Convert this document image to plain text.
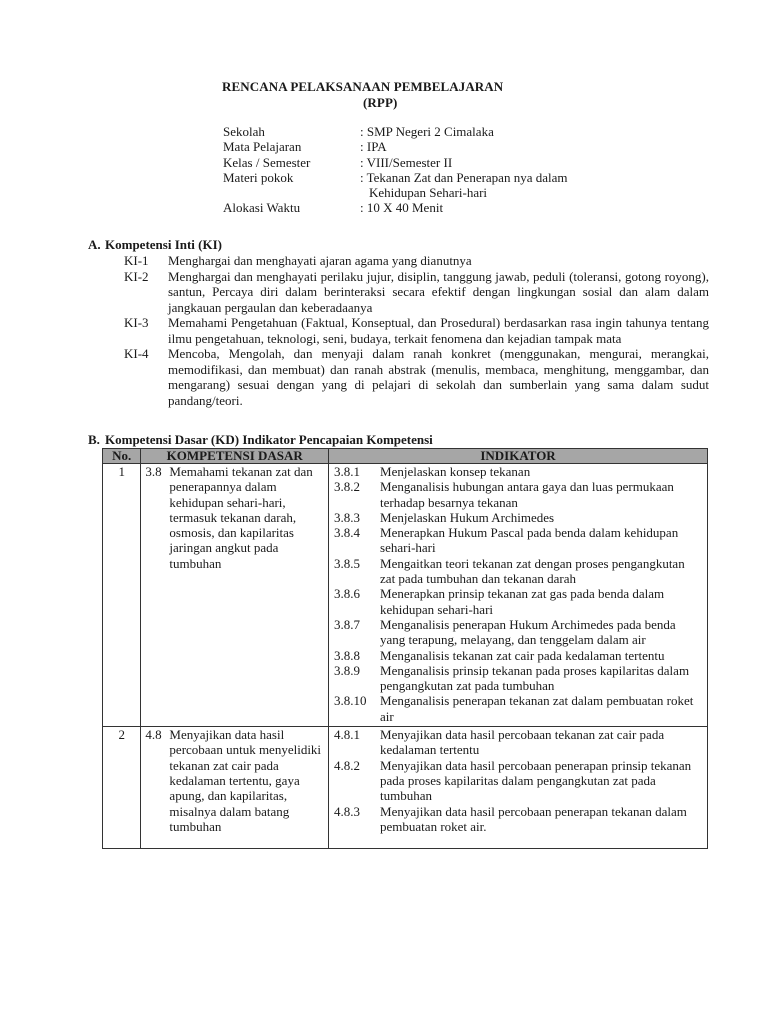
RENCANA PELAKSANAAN PEMBELAJARAN
(RPP)
Sekolah	: SMP Negeri 2 Cimalaka
Mata Pelajaran	: IPA
Kelas / Semester	: VIII/Semester II
Materi pokok	: Tekanan Zat dan Penerapan nya dalam
Kehidupan Sehari-hari
Alokasi Waktu	: 10 X 40 Menit
A. Kompetensi Inti (KI)
KI-1	Menghargai dan menghayati ajaran agama yang dianutnya
KI-2	Menghargai dan menghayati perilaku jujur, disiplin, tanggung jawab, peduli (toleransi, gotong royong), santun, Percaya diri dalam berinteraksi secara efektif dengan lingkungan sosial dan alam dalam jangkauan pergaulan dan keberadaanya
KI-3	Memahami Pengetahuan (Faktual, Konseptual, dan Prosedural) berdasarkan rasa ingin tahunya tentang ilmu pengetahuan, teknologi, seni, budaya, terkait fenomena dan kejadian tampak mata
KI-4	Mencoba, Mengolah, dan menyaji dalam ranah konkret (menggunakan, mengurai, merangkai, memodifikasi, dan membuat) dan ranah abstrak (menulis, membaca, menghitung, menggambar, dan mengarang) sesuai dengan yang di pelajari di sekolah dan sumberlain yang sama dalam sudut pandang/teori.
B. Kompetensi Dasar (KD) Indikator Pencapaian Kompetensi
No.	KOMPETENSI DASAR	INDIKATOR
1	3.8 Memahami tekanan zat dan penerapannya dalam kehidupan sehari-hari, termasuk tekanan darah, osmosis, dan kapilaritas jaringan angkut pada tumbuhan

3.8.1	Menjelaskan konsep tekanan
3.8.2	Menganalisis hubungan antara gaya dan luas permukaan terhadap besarnya tekanan
3.8.3	Menjelaskan Hukum Archimedes
3.8.4	Menerapkan Hukum Pascal pada benda dalam kehidupan sehari-hari
3.8.5	Mengaitkan teori tekanan zat dengan proses pengangkutan zat pada tumbuhan dan tekanan darah
3.8.6	Menerapkan prinsip tekanan zat gas pada benda dalam kehidupan sehari-hari
3.8.7	Menganalisis penerapan Hukum Archimedes pada benda yang terapung, melayang, dan tenggelam dalam air
3.8.8	Menganalisis tekanan zat cair pada kedalaman tertentu
3.8.9	Menganalisis prinsip tekanan pada proses kapilaritas dalam pengangkutan zat pada tumbuhan
3.8.10	Menganalisis penerapan tekanan zat dalam pembuatan roket air

2	4.8 Menyajikan data hasil percobaan untuk menyelidiki tekanan zat cair pada kedalaman tertentu, gaya apung, dan kapilaritas, misalnya dalam batang tumbuhan

4.8.1	Menyajikan data hasil percobaan tekanan zat cair pada kedalaman tertentu
4.8.2	Menyajikan data hasil percobaan penerapan prinsip tekanan pada proses kapilaritas dalam pengangkutan zat pada tumbuhan
4.8.3	Menyajikan data hasil percobaan penerapan tekanan dalam pembuatan roket air.
